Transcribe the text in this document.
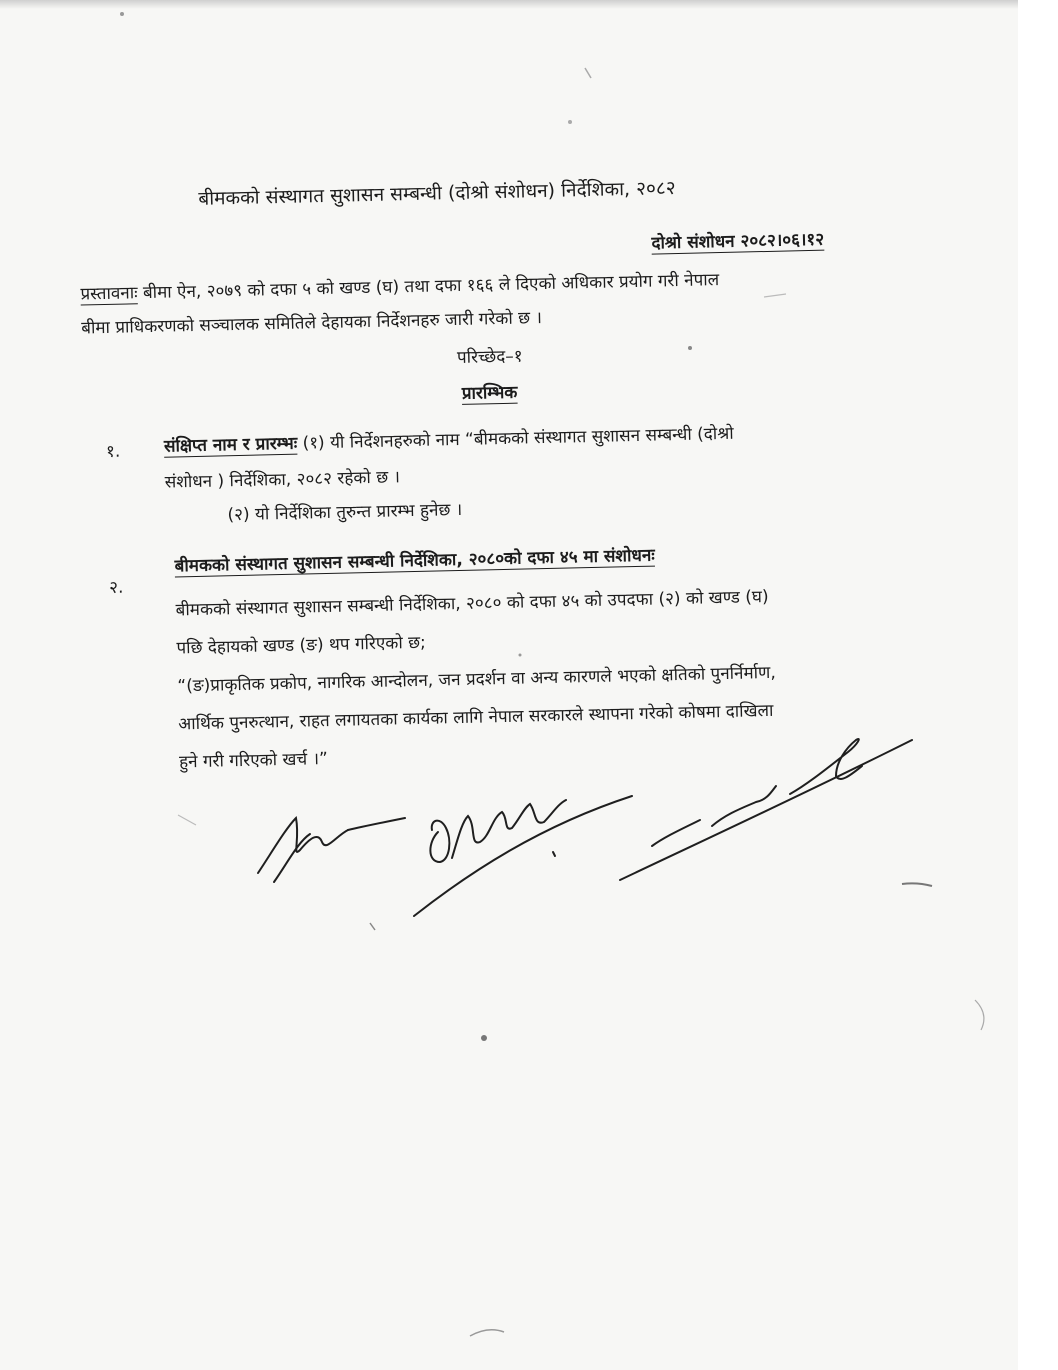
बीमकको संस्थागत सुशासन सम्बन्धी (दोश्रो संशोधन) निर्देशिका, २०८२
दोश्रो संशोधन २०८२।०६।१२
प्रस्तावनाः बीमा ऐन, २०७९ को दफा ५ को खण्ड (घ) तथा दफा १६६ ले दिएको अधिकार प्रयोग गरी नेपाल
बीमा प्राधिकरणको सञ्चालक समितिले देहायका निर्देशनहरु जारी गरेको छ ।
परिच्छेद–१
प्रारम्भिक
१.	संक्षिप्त नाम र प्रारम्भः (१) यी निर्देशनहरुको नाम “बीमकको संस्थागत सुशासन सम्बन्धी (दोश्रो
संशोधन ) निर्देशिका, २०८२ रहेको छ ।
(२) यो निर्देशिका तुरुन्त प्रारम्भ हुनेछ ।
२.
बीमकको संस्थागत सुशासन सम्बन्धी निर्देशिका, २०८०को दफा ४५ मा संशोधनः
बीमकको संस्थागत सुशासन सम्बन्धी निर्देशिका, २०८० को दफा ४५ को उपदफा (२) को खण्ड (घ)
पछि देहायको खण्ड (ङ) थप गरिएको छ;
“(ङ)प्राकृतिक प्रकोप, नागरिक आन्दोलन, जन प्रदर्शन वा अन्य कारणले भएको क्षतिको पुनर्निर्माण,
आर्थिक पुनरुत्थान, राहत लगायतका कार्यका लागि नेपाल सरकारले स्थापना गरेको कोषमा दाखिला
हुने गरी गरिएको खर्च ।”
